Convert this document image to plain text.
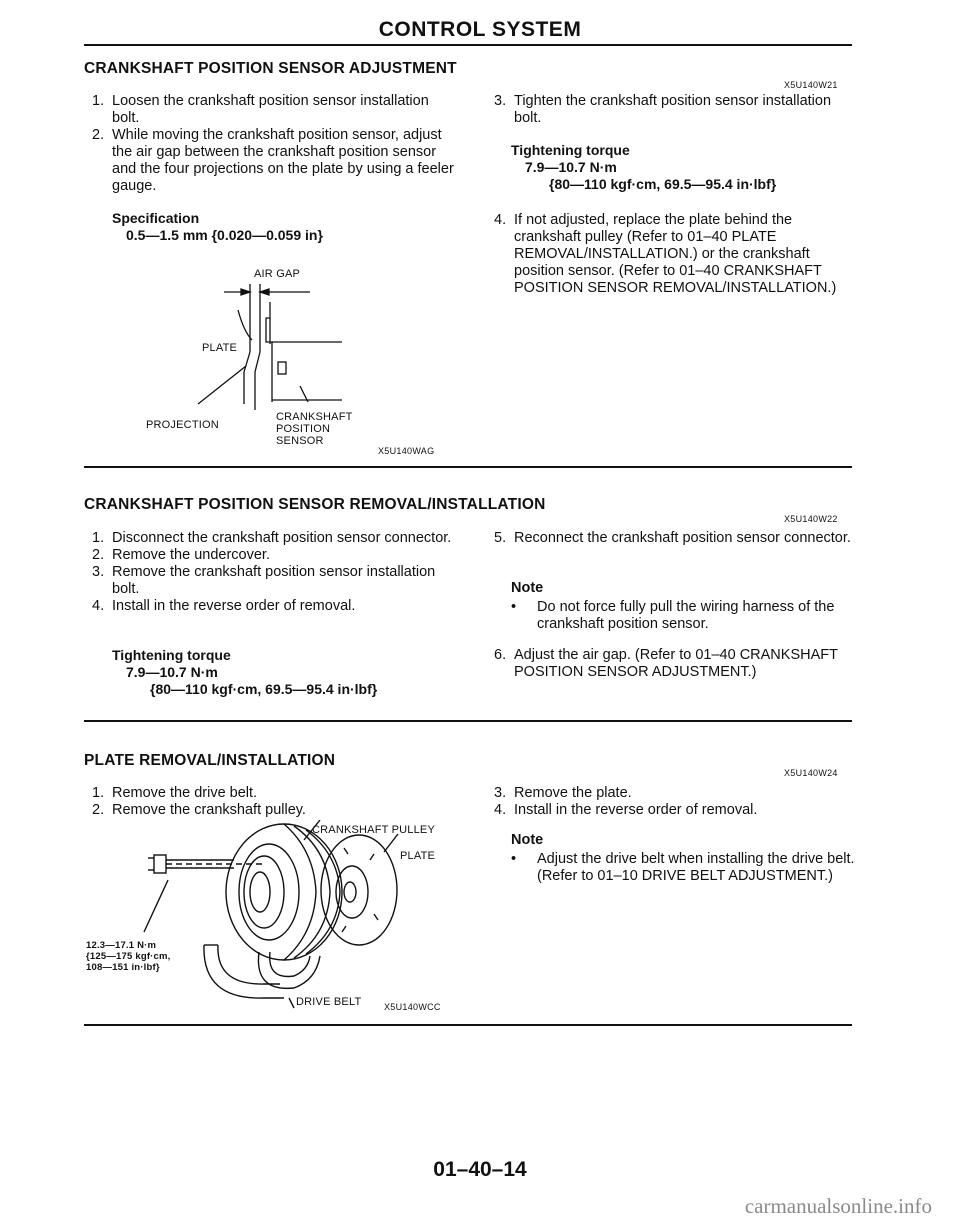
CONTROL SYSTEM
CRANKSHAFT POSITION SENSOR ADJUSTMENT
X5U140W21
1. Loosen the crankshaft position sensor installation bolt.
2. While moving the crankshaft position sensor, adjust the air gap between the crankshaft position sensor and the four projections on the plate by using a feeler gauge.
Specification
0.5—1.5 mm {0.020—0.059 in}
AIR GAP
PLATE
PROJECTION
CRANKSHAFT
POSITION
SENSOR
X5U140WAG
3. Tighten the crankshaft position sensor installation bolt.
Tightening torque
7.9—10.7 N·m
{80—110 kgf·cm, 69.5—95.4 in·lbf}
4. If not adjusted, replace the plate behind the crankshaft pulley (Refer to 01–40 PLATE REMOVAL/INSTALLATION.) or the crankshaft position sensor. (Refer to 01–40 CRANKSHAFT POSITION SENSOR REMOVAL/INSTALLATION.)
CRANKSHAFT POSITION SENSOR REMOVAL/INSTALLATION
X5U140W22
1. Disconnect the crankshaft position sensor connector.
2. Remove the undercover.
3. Remove the crankshaft position sensor installation bolt.
4. Install in the reverse order of removal.
Tightening torque
7.9—10.7 N·m
{80—110 kgf·cm, 69.5—95.4 in·lbf}
5. Reconnect the crankshaft position sensor connector.
Note
• Do not force fully pull the wiring harness of the crankshaft position sensor.
6. Adjust the air gap. (Refer to 01–40 CRANKSHAFT POSITION SENSOR ADJUSTMENT.)
PLATE REMOVAL/INSTALLATION
X5U140W24
1. Remove the drive belt.
2. Remove the crankshaft pulley.
CRANKSHAFT PULLEY
PLATE
12.3—17.1 N·m
{125—175 kgf·cm,
108—151 in·lbf}
DRIVE BELT	X5U140WCC
3. Remove the plate.
4. Install in the reverse order of removal.
Note
• Adjust the drive belt when installing the drive belt. (Refer to 01–10 DRIVE BELT ADJUSTMENT.)
01–40–14
carmanualsonline.info
